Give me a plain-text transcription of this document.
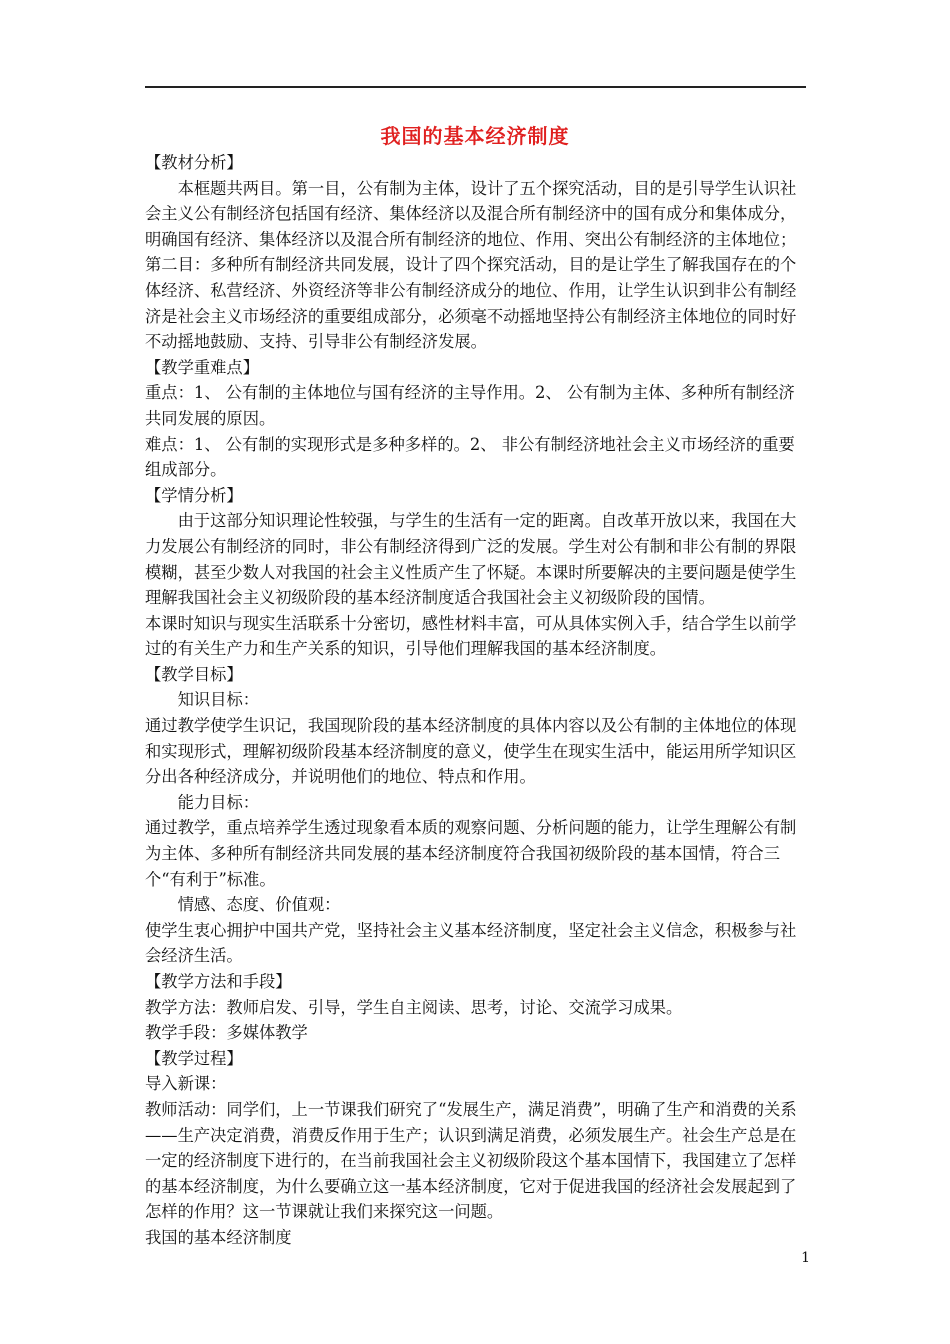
我国的基本经济制度

【教材分析】

本框题共两目。第一目，公有制为主体，设计了五个探究活动，目的是引导学生认识社会主义公有制经济包括国有经济、集体经济以及混合所有制经济中的国有成分和集体成分，明确国有经济、集体经济以及混合所有制经济的地位、作用、突出公有制经济的主体地位；第二目：多种所有制经济共同发展，设计了四个探究活动，目的是让学生了解我国存在的个体经济、私营经济、外资经济等非公有制经济成分的地位、作用，让学生认识到非公有制经济是社会主义市场经济的重要组成部分，必须毫不动摇地坚持公有制经济主体地位的同时好不动摇地鼓励、支持、引导非公有制经济发展。

【教学重难点】

重点：1、 公有制的主体地位与国有经济的主导作用。2、 公有制为主体、多种所有制经济共同发展的原因。

难点：1、 公有制的实现形式是多种多样的。2、 非公有制经济地社会主义市场经济的重要组成部分。

【学情分析】

由于这部分知识理论性较强，与学生的生活有一定的距离。自改革开放以来，我国在大力发展公有制经济的同时，非公有制经济得到广泛的发展。学生对公有制和非公有制的界限模糊，甚至少数人对我国的社会主义性质产生了怀疑。本课时所要解决的主要问题是使学生理解我国社会主义初级阶段的基本经济制度适合我国社会主义初级阶段的国情。

本课时知识与现实生活联系十分密切，感性材料丰富，可从具体实例入手，结合学生以前学过的有关生产力和生产关系的知识，引导他们理解我国的基本经济制度。

【教学目标】

知识目标：

通过教学使学生识记，我国现阶段的基本经济制度的具体内容以及公有制的主体地位的体现和实现形式，理解初级阶段基本经济制度的意义，使学生在现实生活中，能运用所学知识区分出各种经济成分，并说明他们的地位、特点和作用。

能力目标：

通过教学，重点培养学生透过现象看本质的观察问题、分析问题的能力，让学生理解公有制为主体、多种所有制经济共同发展的基本经济制度符合我国初级阶段的基本国情，符合三个“有利于”标准。

情感、态度、价值观：

使学生衷心拥护中国共产党，坚持社会主义基本经济制度，坚定社会主义信念，积极参与社会经济生活。

【教学方法和手段】

教学方法：教师启发、引导，学生自主阅读、思考，讨论、交流学习成果。

教学手段：多媒体教学

【教学过程】

导入新课：

教师活动：同学们，上一节课我们研究了“发展生产，满足消费”，明确了生产和消费的关系——生产决定消费，消费反作用于生产；认识到满足消费，必须发展生产。社会生产总是在一定的经济制度下进行的，在当前我国社会主义初级阶段这个基本国情下，我国建立了怎样的基本经济制度，为什么要确立这一基本经济制度，它对于促进我国的经济社会发展起到了怎样的作用？这一节课就让我们来探究这一问题。

我国的基本经济制度

1
